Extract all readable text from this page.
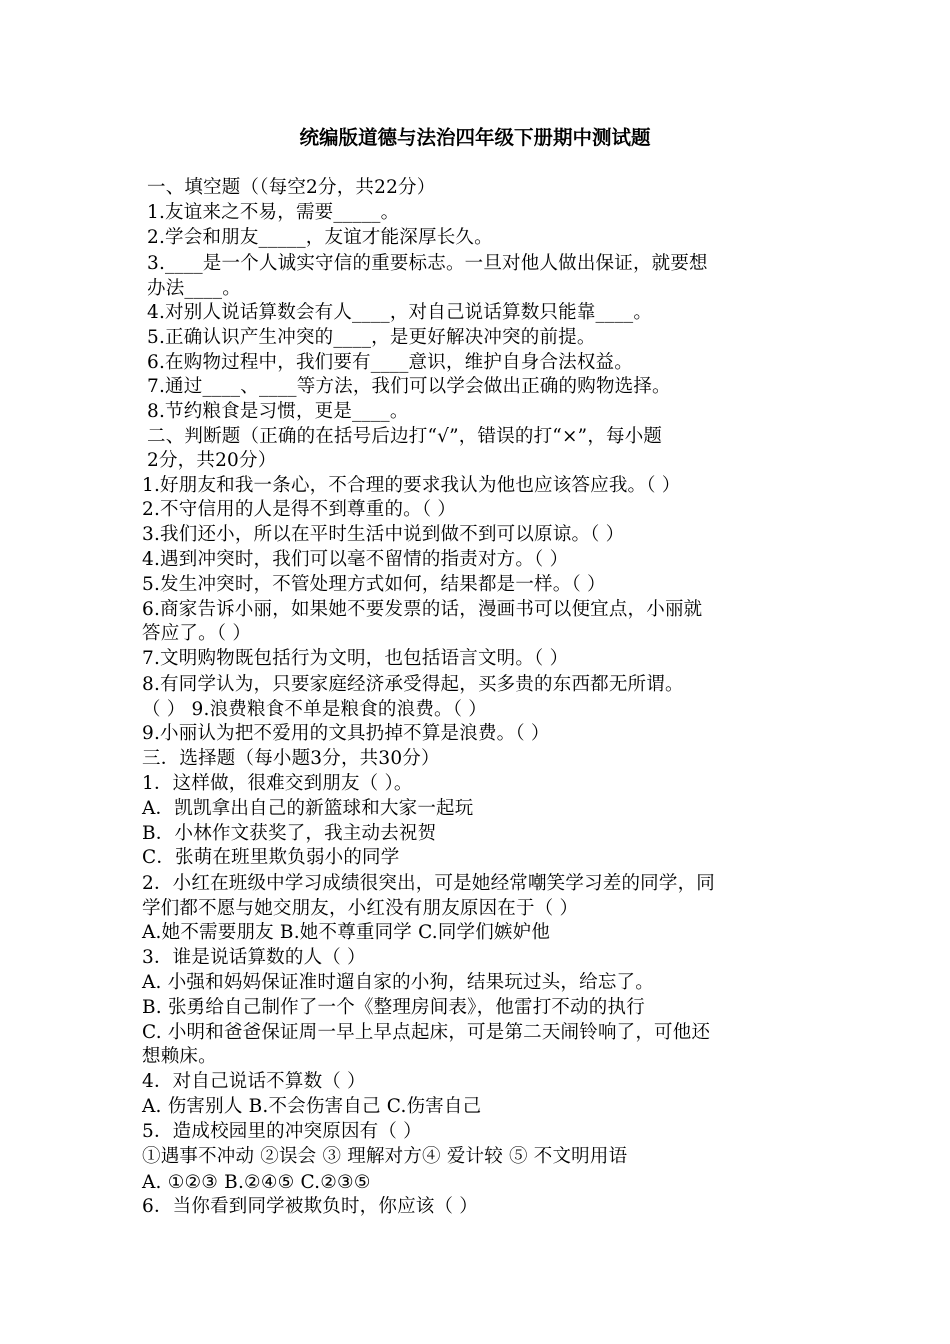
统编版道德与法治四年级下册期中测试题
一、填空题（（每空2分，共22分）
1.友谊来之不易，需要_____。
2.学会和朋友_____，友谊才能深厚长久。
3.____是一个人诚实守信的重要标志。一旦对他人做出保证，就要想
办法____。
4.对别人说话算数会有人____，对自己说话算数只能靠____。
5.正确认识产生冲突的____，是更好解决冲突的前提。
6.在购物过程中，我们要有____意识，维护自身合法权益。
7.通过____、____等方法，我们可以学会做出正确的购物选择。
8.节约粮食是习惯，更是____。
二、判断题（正确的在括号后边打“√”，错误的打“×”，每小题
2分，共20分）
1.好朋友和我一条心，不合理的要求我认为他也应该答应我。（ ）
2.不守信用的人是得不到尊重的。（ ）
3.我们还小，所以在平时生活中说到做不到可以原谅。（ ）
4.遇到冲突时，我们可以毫不留情的指责对方。（ ）
5.发生冲突时，不管处理方式如何，结果都是一样。（ ）
6.商家告诉小丽，如果她不要发票的话，漫画书可以便宜点，小丽就
答应了。（ ）
7.文明购物既包括行为文明，也包括语言文明。（ ）
8.有同学认为，只要家庭经济承受得起，买多贵的东西都无所谓。
（ ） 9.浪费粮食不单是粮食的浪费。（ ）
9.小丽认为把不爱用的文具扔掉不算是浪费。（ ）
三．选择题（每小题3分，共30分）
1．这样做，很难交到朋友（ ）。
A．凯凯拿出自己的新篮球和大家一起玩
B．小林作文获奖了，我主动去祝贺
C．张萌在班里欺负弱小的同学
2．小红在班级中学习成绩很突出，可是她经常嘲笑学习差的同学，同
学们都不愿与她交朋友，小红没有朋友原因在于（ ）
A.她不需要朋友 B.她不尊重同学 C.同学们嫉妒他
3．谁是说话算数的人（ ）
A. 小强和妈妈保证准时遛自家的小狗，结果玩过头，给忘了。
B. 张勇给自己制作了一个《整理房间表》，他雷打不动的执行
C. 小明和爸爸保证周一早上早点起床，可是第二天闹铃响了，可他还
想赖床。
4．对自己说话不算数（ ）
A. 伤害别人 B.不会伤害自己 C.伤害自己
5．造成校园里的冲突原因有（ ）
①遇事不冲动 ②误会 ③ 理解对方④ 爱计较 ⑤ 不文明用语
A. ①②③ B.②④⑤ C.②③⑤
6．当你看到同学被欺负时，你应该（ ）
